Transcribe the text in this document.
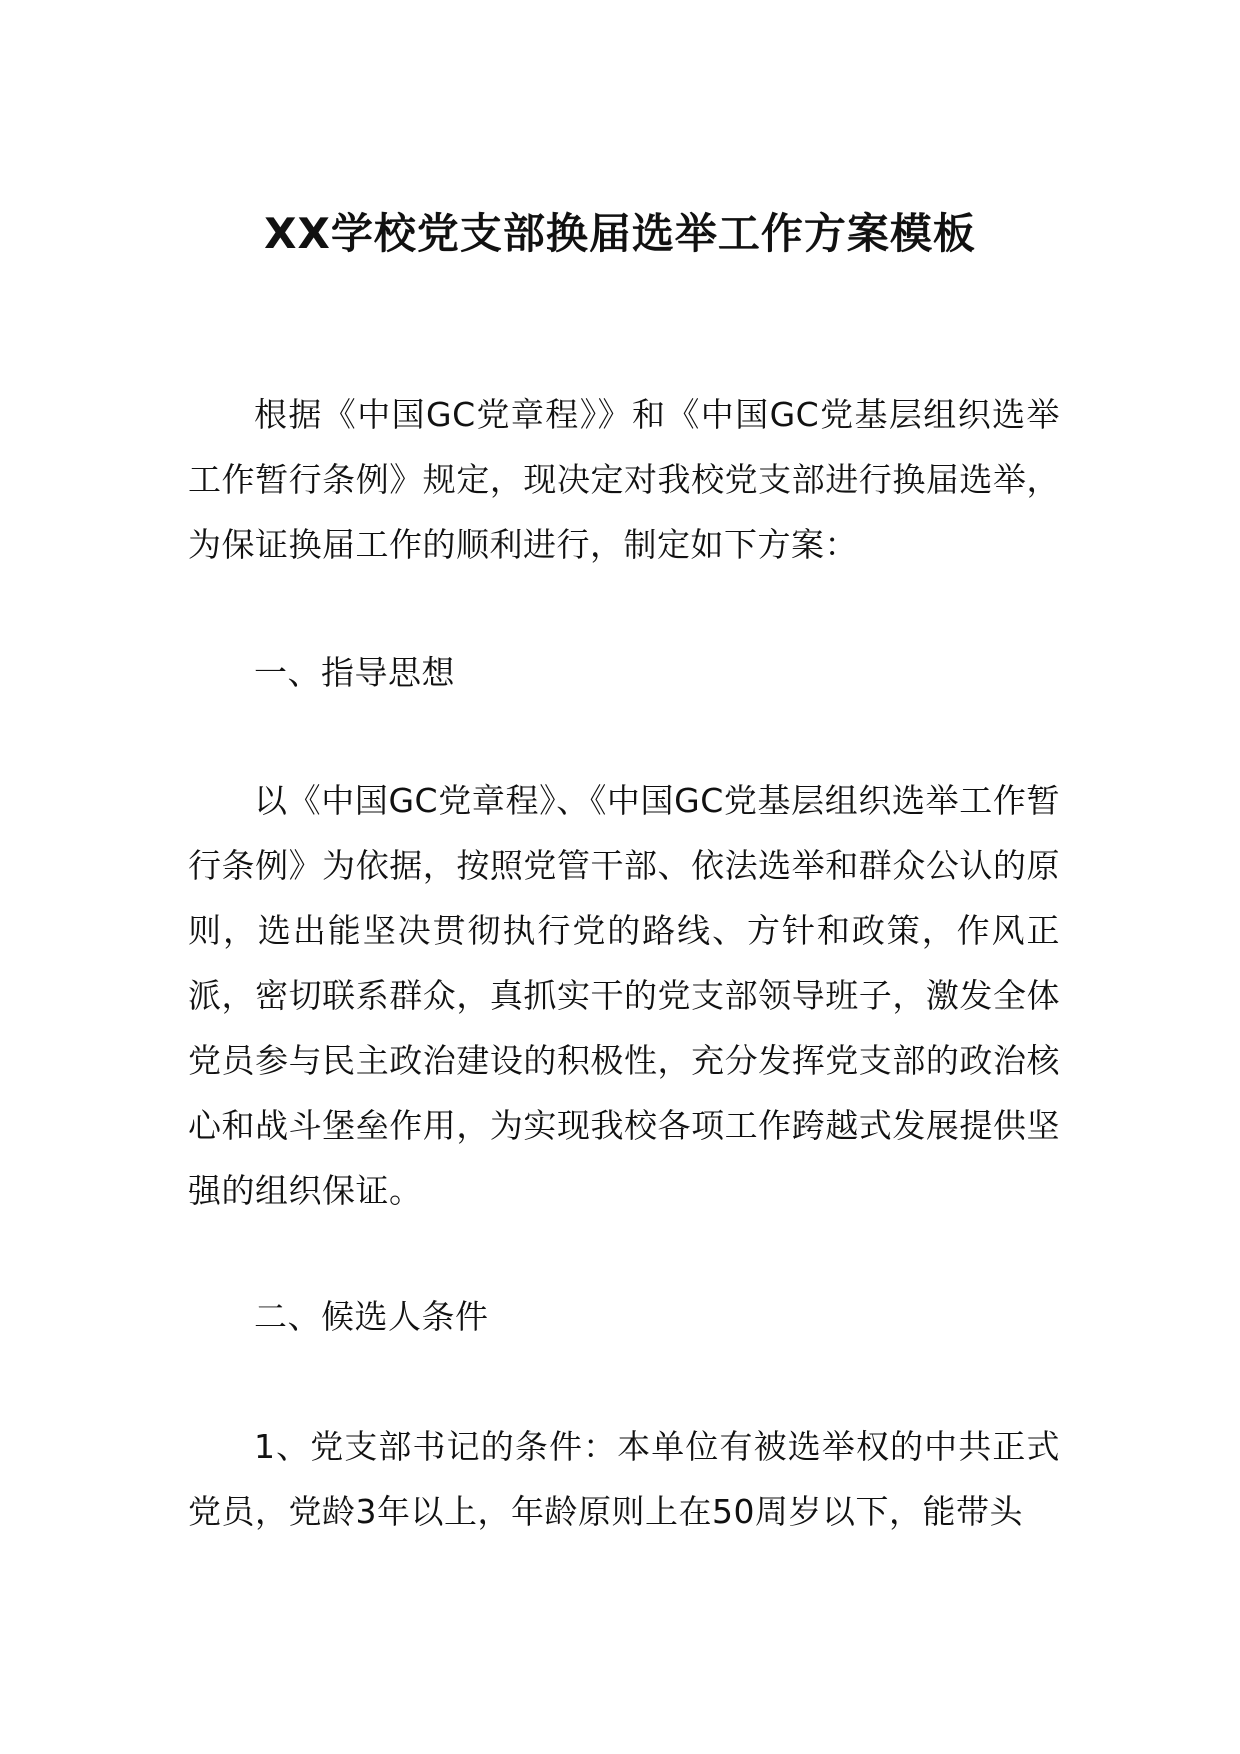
XX学校党支部换届选举工作方案模板
根据《中国GC党章程》》和《中国GC党基层组织选举工作暂行条例》规定，现决定对我校党支部进行换届选举，为保证换届工作的顺利进行，制定如下方案：
一、指导思想
以《中国GC党章程》、《中国GC党基层组织选举工作暂行条例》为依据，按照党管干部、依法选举和群众公认的原则，选出能坚决贯彻执行党的路线、方针和政策，作风正派，密切联系群众，真抓实干的党支部领导班子，激发全体党员参与民主政治建设的积极性，充分发挥党支部的政治核心和战斗堡垒作用，为实现我校各项工作跨越式发展提供坚强的组织保证。
二、候选人条件
1、党支部书记的条件：本单位有被选举权的中共正式党员，党龄3年以上，年龄原则上在50周岁以下，能带头
